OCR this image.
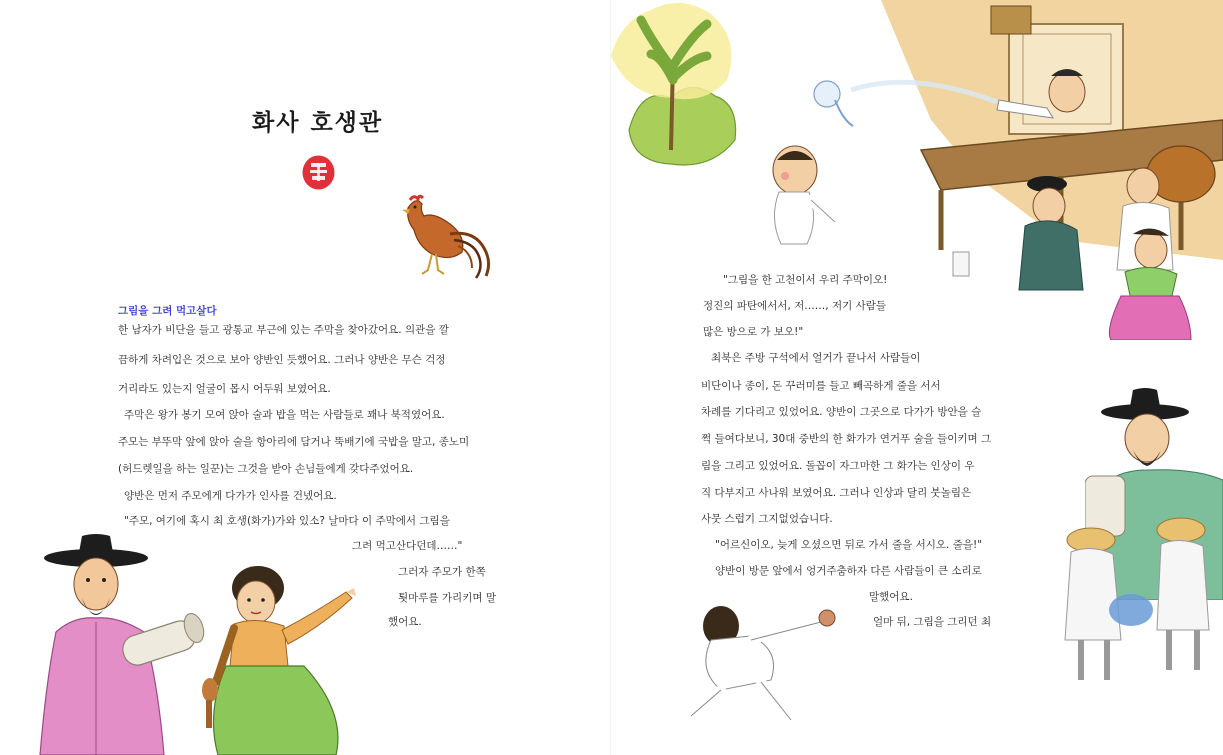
화사 호생관
그림을 그려 먹고살다
한 남자가 비단을 들고 광통교 부근에 있는 주막을 찾아갔어요. 의관을 깔
끔하게 차려입은 것으로 보아 양반인 듯했어요. 그러나 양반은 무슨 걱정
거리라도 있는지 얼굴이 몹시 어두워 보였어요.
주막은 왕가 봉기 모여 앉아 술과 밥을 먹는 사람들로 꽤나 북적였어요.
주모는 부뚜막 앞에 앉아 술을 항아리에 담거나 뚝배기에 국밥을 말고, 종노미
(허드렛일을 하는 일꾼)는 그것을 받아 손님들에게 갖다주었어요.
양반은 먼저 주모에게 다가가 인사를 건넸어요.
"주모, 여기에 혹시 최 호생(화가)가와 있소? 날마다 이 주막에서 그림을
그려 먹고산다던데……"
그러자 주모가 한쪽
툇마루를 가리키며 말
했어요.
"그림을 한 고천이서 우리 주막이오!
정진의 파탄에서서, 저……, 저기 사람들
많은 방으로 가 보오!"
최북은 주방 구석에서 얼거가 끝나서 사람들이
비단이나 종이, 돈 꾸러미를 들고 빼곡하게 줄을 서서
차례를 기다리고 있었어요. 양반이 그곳으로 다가가 방안을 슬
쩍 들여다보니, 30대 중반의 한 화가가 연거푸 술을 들이키며 그
림을 그리고 있었어요. 돌꼽이 자그마한 그 화가는 인상이 우
직 다부지고 사나워 보였어요. 그러나 인상과 달리 붓놀림은
사뭇 스럽기 그지없었습니다.
"어르신이오, 늦게 오셨으면 뒤로 가서 줄을 서시오. 줄을!"
양반이 방문 앞에서 엉거주춤하자 다른 사람들이 큰 소리로
말했어요.
얼마 뒤, 그림을 그리던 최
